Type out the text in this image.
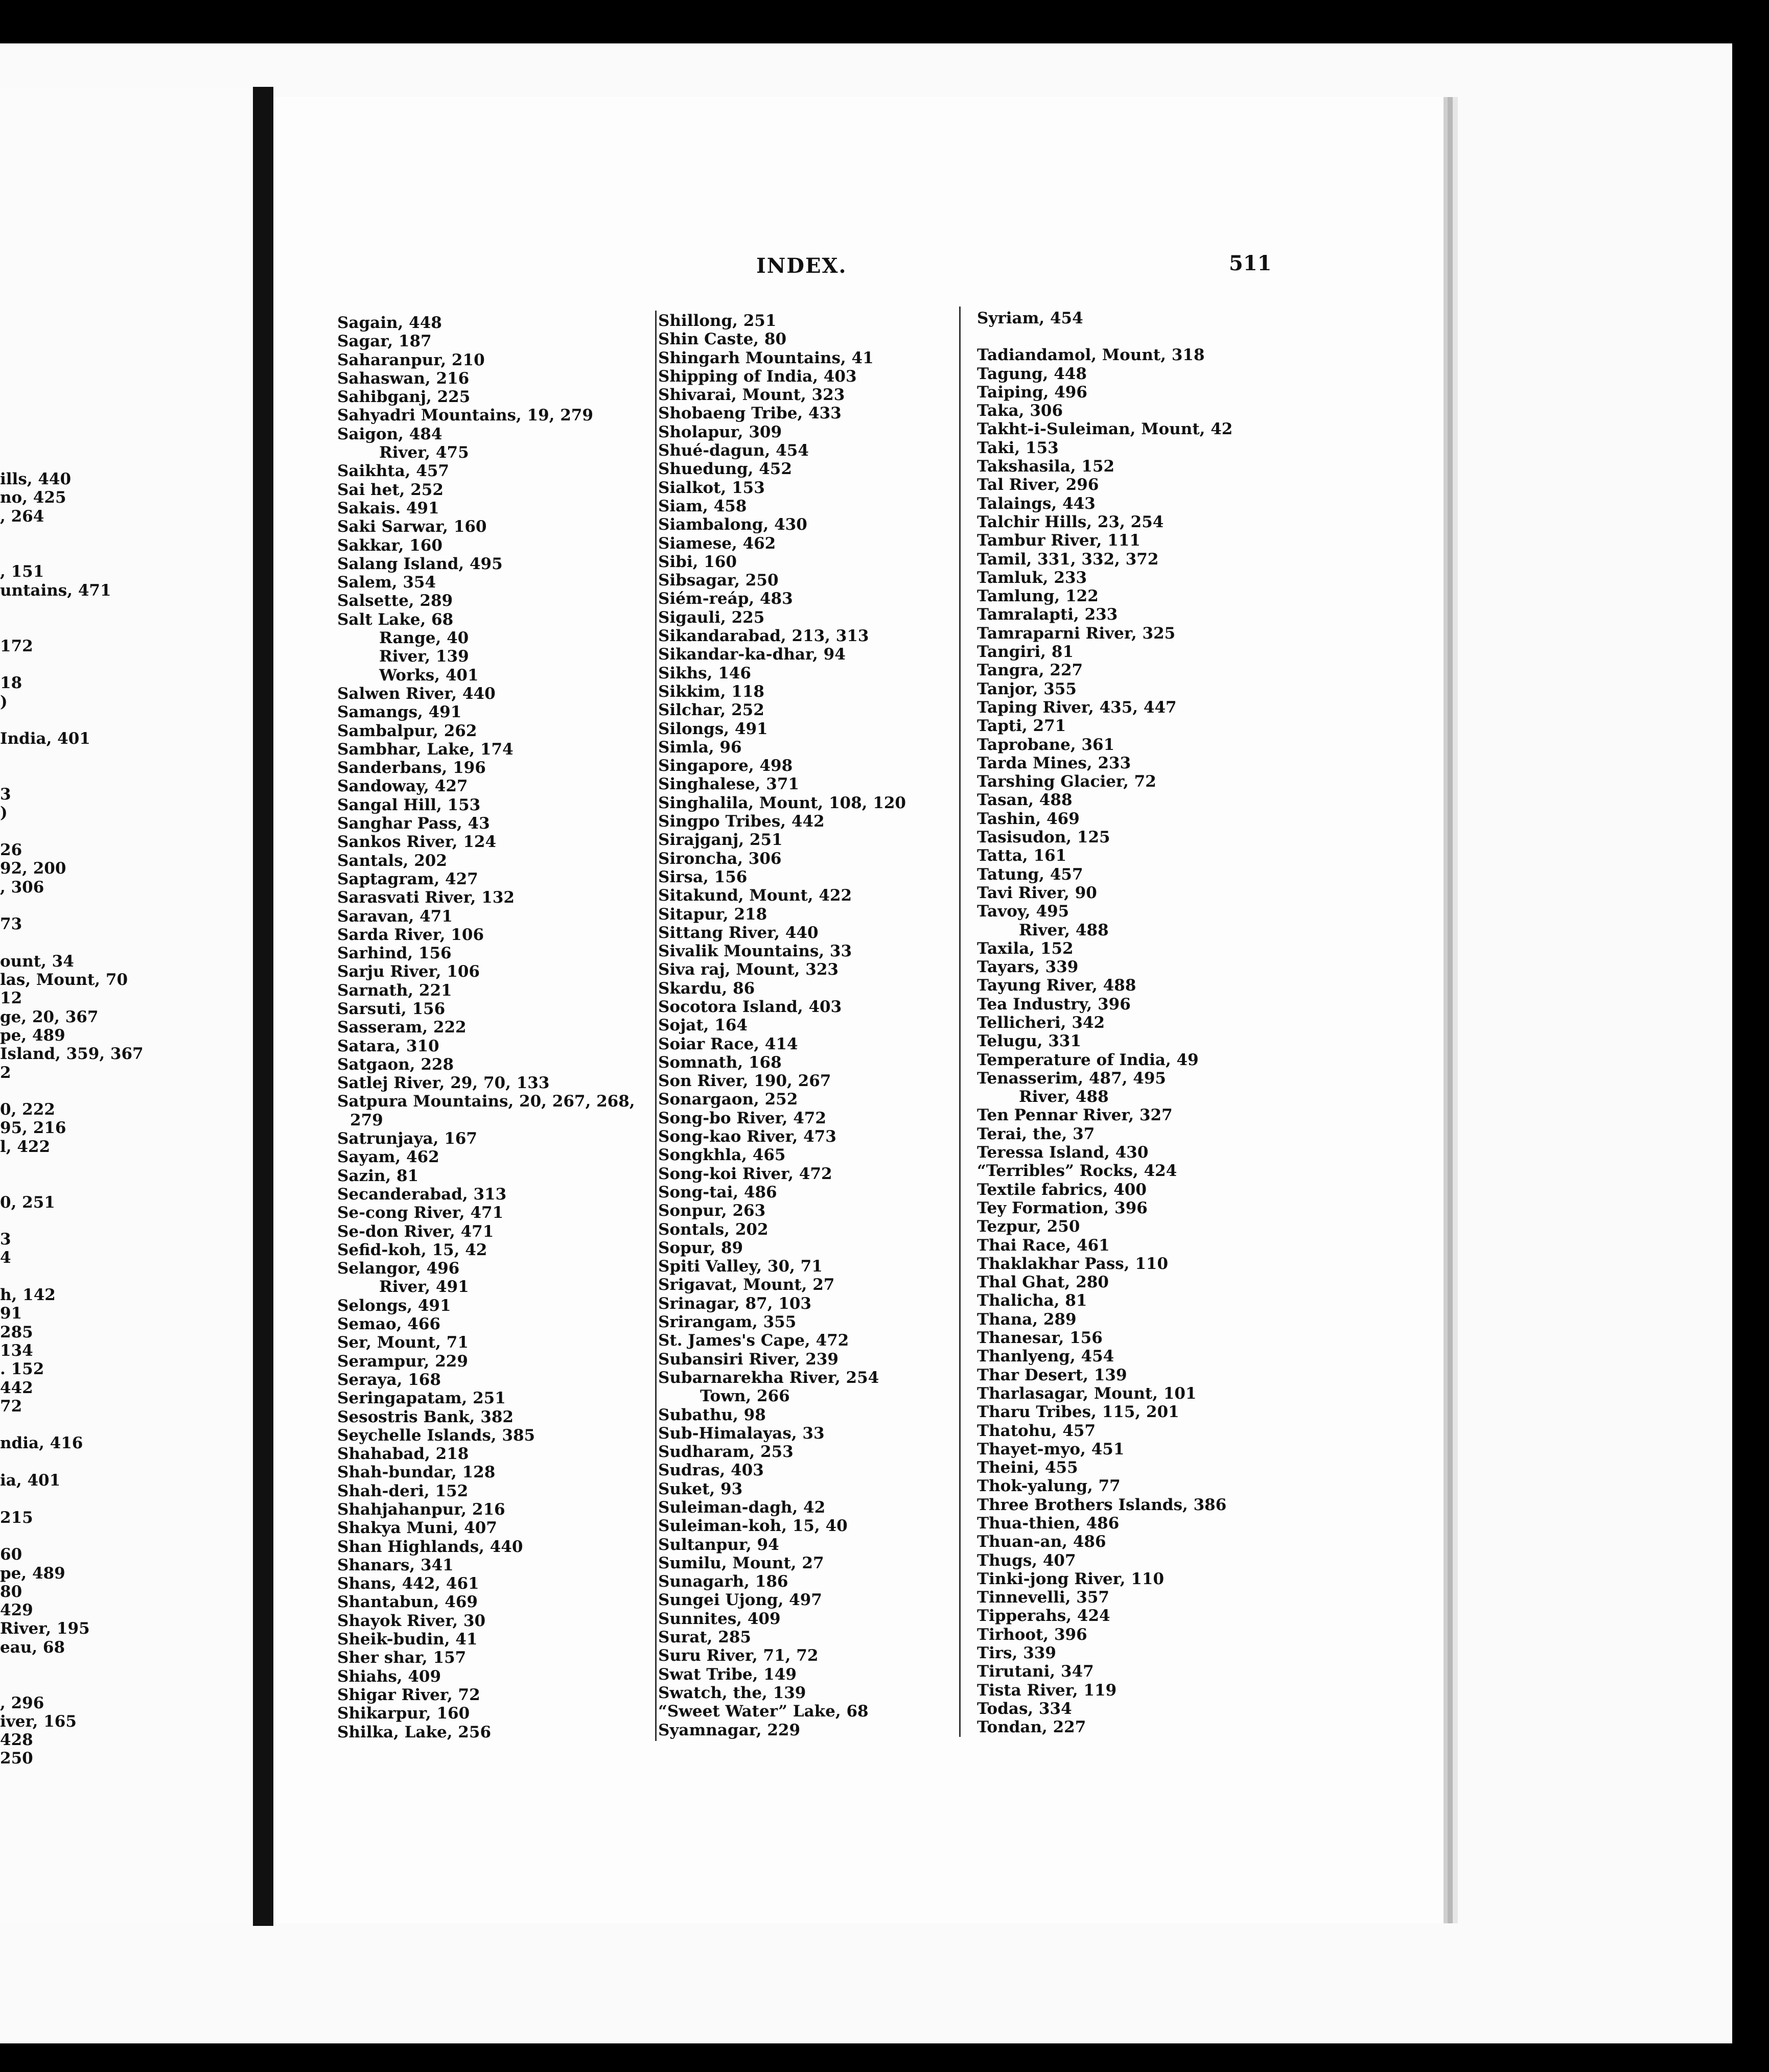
ills, 440
no, 425
, 264
, 151
untains, 471
172
18
)
India, 401
3
)
26
92, 200
, 306
73
ount, 34
las, Mount, 70
12
ge, 20, 367
pe, 489
Island, 359, 367
2
0, 222
95, 216
l, 422
0, 251
3
4
h, 142
91
285
134
. 152
442
72
ndia, 416
ia, 401
215
60
pe, 489
80
429
River, 195
eau, 68
, 296
iver, 165
428
250
INDEX.	511
Sagain, 448
Sagar, 187
Saharanpur, 210
Sahaswan, 216
Sahibganj, 225
Sahyadri Mountains, 19, 279
Saigon, 484
River, 475
Saikhta, 457
Sai het, 252
Sakais. 491
Saki Sarwar, 160
Sakkar, 160
Salang Island, 495
Salem, 354
Salsette, 289
Salt Lake, 68
Range, 40
River, 139
Works, 401
Salwen River, 440
Samangs, 491
Sambalpur, 262
Sambhar, Lake, 174
Sanderbans, 196
Sandoway, 427
Sangal Hill, 153
Sanghar Pass, 43
Sankos River, 124
Santals, 202
Saptagram, 427
Sarasvati River, 132
Saravan, 471
Sarda River, 106
Sarhind, 156
Sarju River, 106
Sarnath, 221
Sarsuti, 156
Sasseram, 222
Satara, 310
Satgaon, 228
Satlej River, 29, 70, 133
Satpura Mountains, 20, 267, 268,
279
Satrunjaya, 167
Sayam, 462
Sazin, 81
Secanderabad, 313
Se-cong River, 471
Se-don River, 471
Sefid-koh, 15, 42
Selangor, 496
River, 491
Selongs, 491
Semao, 466
Ser, Mount, 71
Serampur, 229
Seraya, 168
Seringapatam, 251
Sesostris Bank, 382
Seychelle Islands, 385
Shahabad, 218
Shah-bundar, 128
Shah-deri, 152
Shahjahanpur, 216
Shakya Muni, 407
Shan Highlands, 440
Shanars, 341
Shans, 442, 461
Shantabun, 469
Shayok River, 30
Sheik-budin, 41
Sher shar, 157
Shiahs, 409
Shigar River, 72
Shikarpur, 160
Shilka, Lake, 256
Shillong, 251
Shin Caste, 80
Shingarh Mountains, 41
Shipping of India, 403
Shivarai, Mount, 323
Shobaeng Tribe, 433
Sholapur, 309
Shué-dagun, 454
Shuedung, 452
Sialkot, 153
Siam, 458
Siambalong, 430
Siamese, 462
Sibi, 160
Sibsagar, 250
Siém-reáp, 483
Sigauli, 225
Sikandarabad, 213, 313
Sikandar-ka-dhar, 94
Sikhs, 146
Sikkim, 118
Silchar, 252
Silongs, 491
Simla, 96
Singapore, 498
Singhalese, 371
Singhalila, Mount, 108, 120
Singpo Tribes, 442
Sirajganj, 251
Sironcha, 306
Sirsa, 156
Sitakund, Mount, 422
Sitapur, 218
Sittang River, 440
Sivalik Mountains, 33
Siva raj, Mount, 323
Skardu, 86
Socotora Island, 403
Sojat, 164
Soiar Race, 414
Somnath, 168
Son River, 190, 267
Sonargaon, 252
Song-bo River, 472
Song-kao River, 473
Songkhla, 465
Song-koi River, 472
Song-tai, 486
Sonpur, 263
Sontals, 202
Sopur, 89
Spiti Valley, 30, 71
Srigavat, Mount, 27
Srinagar, 87, 103
Srirangam, 355
St. James's Cape, 472
Subansiri River, 239
Subarnarekha River, 254
Town, 266
Subathu, 98
Sub-Himalayas, 33
Sudharam, 253
Sudras, 403
Suket, 93
Suleiman-dagh, 42
Suleiman-koh, 15, 40
Sultanpur, 94
Sumilu, Mount, 27
Sunagarh, 186
Sungei Ujong, 497
Sunnites, 409
Surat, 285
Suru River, 71, 72
Swat Tribe, 149
Swatch, the, 139
“Sweet Water” Lake, 68
Syamnagar, 229
Syriam, 454
Tadiandamol, Mount, 318
Tagung, 448
Taiping, 496
Taka, 306
Takht-i-Suleiman, Mount, 42
Taki, 153
Takshasila, 152
Tal River, 296
Talaings, 443
Talchir Hills, 23, 254
Tambur River, 111
Tamil, 331, 332, 372
Tamluk, 233
Tamlung, 122
Tamralapti, 233
Tamraparni River, 325
Tangiri, 81
Tangra, 227
Tanjor, 355
Taping River, 435, 447
Tapti, 271
Taprobane, 361
Tarda Mines, 233
Tarshing Glacier, 72
Tasan, 488
Tashin, 469
Tasisudon, 125
Tatta, 161
Tatung, 457
Tavi River, 90
Tavoy, 495
River, 488
Taxila, 152
Tayars, 339
Tayung River, 488
Tea Industry, 396
Tellicheri, 342
Telugu, 331
Temperature of India, 49
Tenasserim, 487, 495
River, 488
Ten Pennar River, 327
Terai, the, 37
Teressa Island, 430
“Terribles” Rocks, 424
Textile fabrics, 400
Tey Formation, 396
Tezpur, 250
Thai Race, 461
Thaklakhar Pass, 110
Thal Ghat, 280
Thalicha, 81
Thana, 289
Thanesar, 156
Thanlyeng, 454
Thar Desert, 139
Tharlasagar, Mount, 101
Tharu Tribes, 115, 201
Thatohu, 457
Thayet-myo, 451
Theini, 455
Thok-yalung, 77
Three Brothers Islands, 386
Thua-thien, 486
Thuan-an, 486
Thugs, 407
Tinki-jong River, 110
Tinnevelli, 357
Tipperahs, 424
Tirhoot, 396
Tirs, 339
Tirutani, 347
Tista River, 119
Todas, 334
Tondan, 227
